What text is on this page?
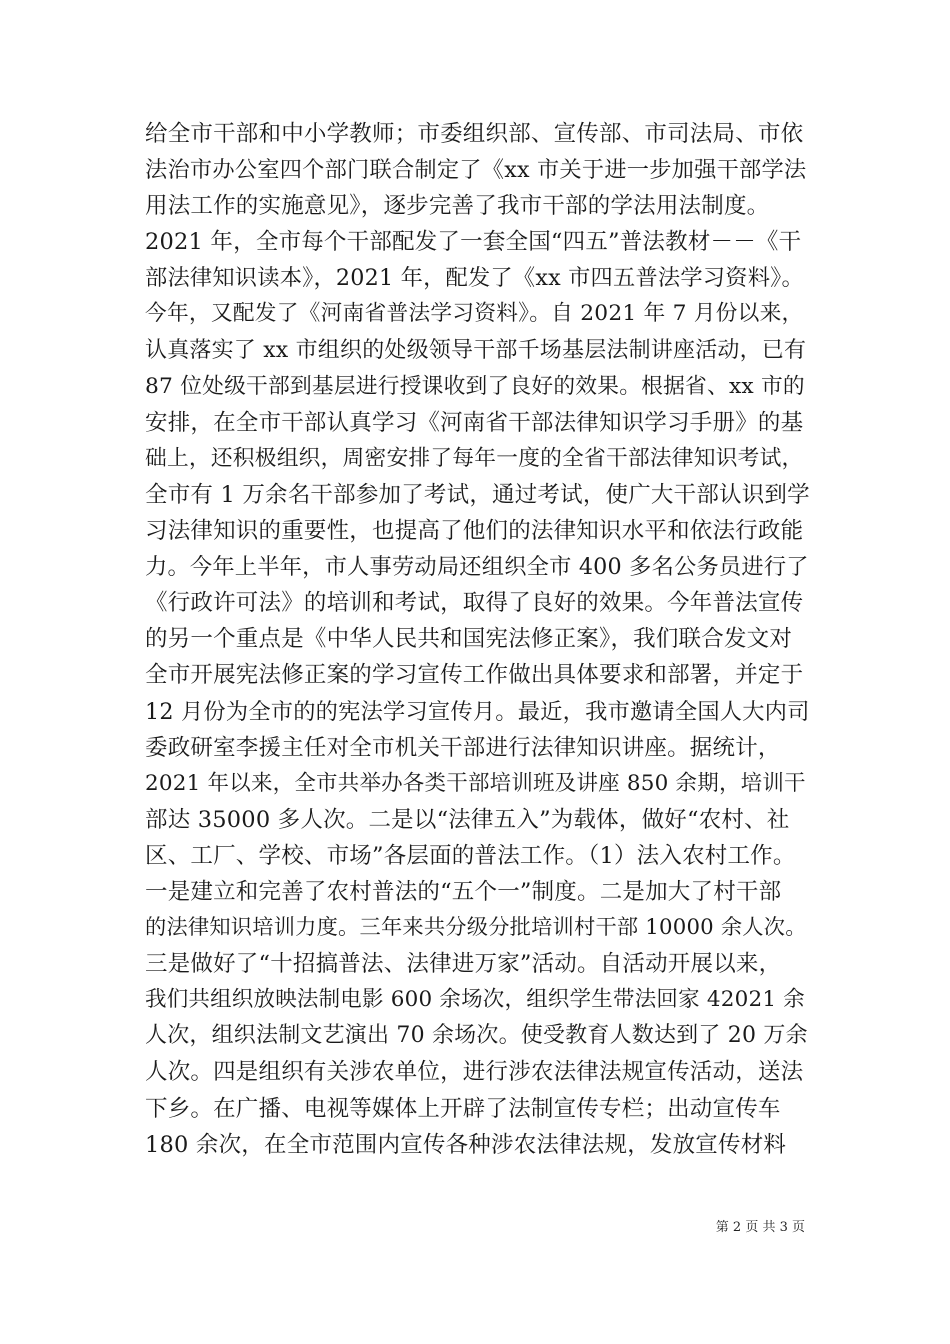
给全市干部和中小学教师；市委组织部、宣传部、市司法局、市依
法治市办公室四个部门联合制定了《xx 市关于进一步加强干部学法
用法工作的实施意见》，逐步完善了我市干部的学法用法制度。
2021 年，全市每个干部配发了一套全国“四五”普法教材－－《干
部法律知识读本》，2021 年，配发了《xx 市四五普法学习资料》。
今年，又配发了《河南省普法学习资料》。自 2021 年 7 月份以来，
认真落实了 xx 市组织的处级领导干部千场基层法制讲座活动，已有
87 位处级干部到基层进行授课收到了良好的效果。根据省、xx 市的
安排，在全市干部认真学习《河南省干部法律知识学习手册》的基
础上，还积极组织，周密安排了每年一度的全省干部法律知识考试，
全市有 1 万余名干部参加了考试，通过考试，使广大干部认识到学
习法律知识的重要性，也提高了他们的法律知识水平和依法行政能
力。今年上半年，市人事劳动局还组织全市 400 多名公务员进行了
《行政许可法》的培训和考试，取得了良好的效果。今年普法宣传
的另一个重点是《中华人民共和国宪法修正案》，我们联合发文对
全市开展宪法修正案的学习宣传工作做出具体要求和部署，并定于
12 月份为全市的的宪法学习宣传月。最近，我市邀请全国人大内司
委政研室李援主任对全市机关干部进行法律知识讲座。据统计，
2021 年以来，全市共举办各类干部培训班及讲座 850 余期，培训干
部达 35000 多人次。二是以“法律五入”为载体，做好“农村、社
区、工厂、学校、市场”各层面的普法工作。（1）法入农村工作。
一是建立和完善了农村普法的“五个一”制度。二是加大了村干部
的法律知识培训力度。三年来共分级分批培训村干部 10000 余人次。
三是做好了“十招搞普法、法律进万家”活动。自活动开展以来，
我们共组织放映法制电影 600 余场次，组织学生带法回家 42021 余
人次，组织法制文艺演出 70 余场次。使受教育人数达到了 20 万余
人次。四是组织有关涉农单位，进行涉农法律法规宣传活动，送法
下乡。在广播、电视等媒体上开辟了法制宣传专栏；出动宣传车
180 余次，在全市范围内宣传各种涉农法律法规，发放宣传材料
第 2 页 共 3 页
